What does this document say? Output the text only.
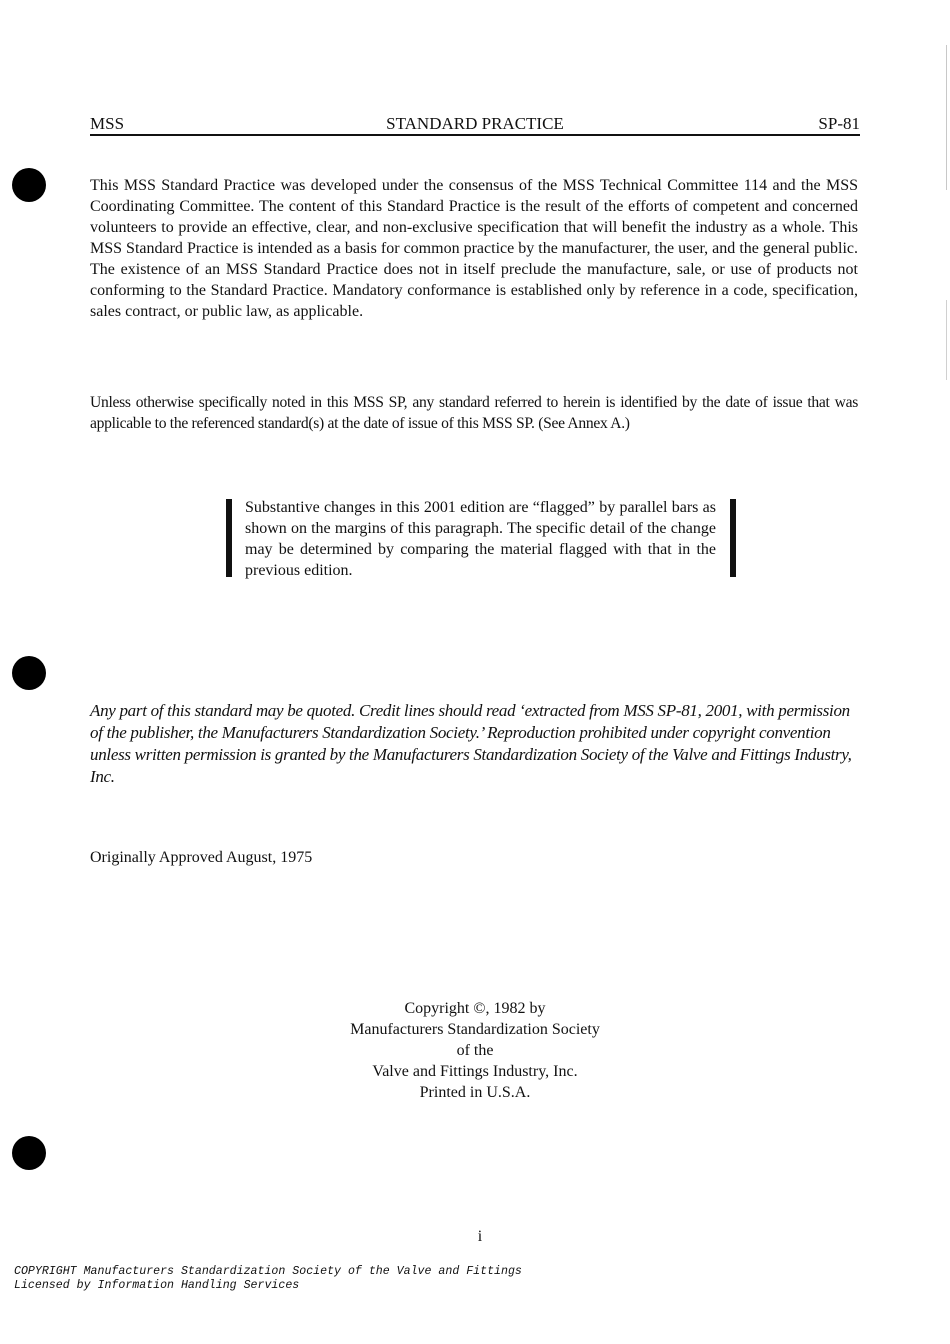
MSS	STANDARD PRACTICE	SP-81
This MSS Standard Practice was developed under the consensus of the MSS Technical Committee 114 and the MSS Coordinating Committee. The content of this Standard Practice is the result of the efforts of competent and concerned volunteers to provide an effective, clear, and non-exclusive specification that will benefit the industry as a whole. This MSS Standard Practice is intended as a basis for common practice by the manufacturer, the user, and the general public. The existence of an MSS Standard Practice does not in itself preclude the manufacture, sale, or use of products not conforming to the Standard Practice. Mandatory conformance is established only by reference in a code, specification, sales contract, or public law, as applicable.
Unless otherwise specifically noted in this MSS SP, any standard referred to herein is identified by the date of issue that was applicable to the referenced standard(s) at the date of issue of this MSS SP. (See Annex A.)
Substantive changes in this 2001 edition are “flagged” by parallel bars as shown on the margins of this paragraph. The specific detail of the change may be determined by comparing the material flagged with that in the previous edition.
Any part of this standard may be quoted. Credit lines should read ‘extracted from MSS SP-81, 2001, with permission of the publisher, the Manufacturers Standardization Society.’ Reproduction prohibited under copyright convention unless written permission is granted by the Manufacturers Standardization Society of the Valve and Fittings Industry, Inc.
Originally Approved August, 1975
Copyright ©, 1982 by
Manufacturers Standardization Society
of the
Valve and Fittings Industry, Inc.
Printed in U.S.A.
i
COPYRIGHT Manufacturers Standardization Society of the Valve and Fittings
Licensed by Information Handling Services
